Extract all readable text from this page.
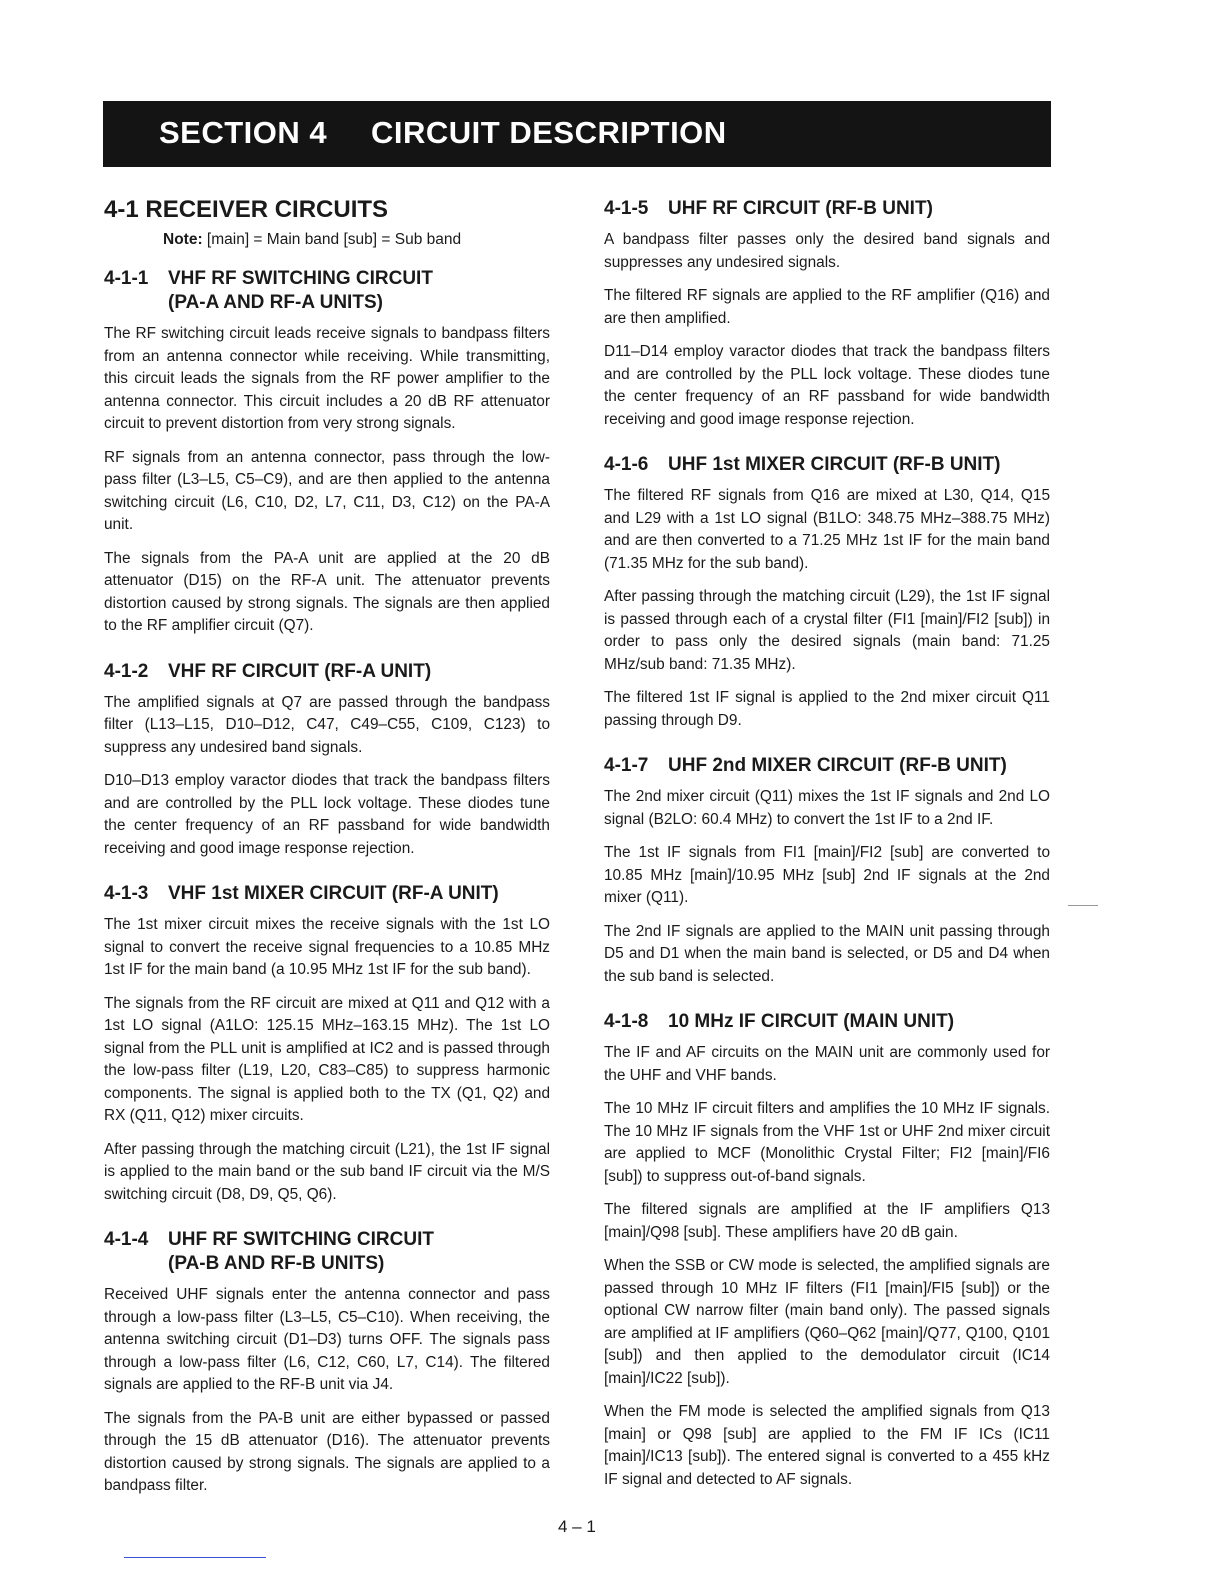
SECTION 4 CIRCUIT DESCRIPTION
4-1 RECEIVER CIRCUITS
Note: [main] = Main band [sub] = Sub band
4-1-1 VHF RF SWITCHING CIRCUIT
(PA-A AND RF-A UNITS)
The RF switching circuit leads receive signals to bandpass filters from an antenna connector while receiving. While transmitting, this circuit leads the signals from the RF power amplifier to the antenna connector. This circuit includes a 20 dB RF attenuator circuit to prevent distortion from very strong signals.
RF signals from an antenna connector, pass through the low-pass filter (L3–L5, C5–C9), and are then applied to the antenna switching circuit (L6, C10, D2, L7, C11, D3, C12) on the PA-A unit.
The signals from the PA-A unit are applied at the 20 dB attenuator (D15) on the RF-A unit. The attenuator prevents distortion caused by strong signals. The signals are then applied to the RF amplifier circuit (Q7).
4-1-2 VHF RF CIRCUIT (RF-A UNIT)
The amplified signals at Q7 are passed through the bandpass filter (L13–L15, D10–D12, C47, C49–C55, C109, C123) to suppress any undesired band signals.
D10–D13 employ varactor diodes that track the bandpass filters and are controlled by the PLL lock voltage. These diodes tune the center frequency of an RF passband for wide bandwidth receiving and good image response rejection.
4-1-3 VHF 1st MIXER CIRCUIT (RF-A UNIT)
The 1st mixer circuit mixes the receive signals with the 1st LO signal to convert the receive signal frequencies to a 10.85 MHz 1st IF for the main band (a 10.95 MHz 1st IF for the sub band).
The signals from the RF circuit are mixed at Q11 and Q12 with a 1st LO signal (A1LO: 125.15 MHz–163.15 MHz). The 1st LO signal from the PLL unit is amplified at IC2 and is passed through the low-pass filter (L19, L20, C83–C85) to suppress harmonic components. The signal is applied both to the TX (Q1, Q2) and RX (Q11, Q12) mixer circuits.
After passing through the matching circuit (L21), the 1st IF signal is applied to the main band or the sub band IF circuit via the M/S switching circuit (D8, D9, Q5, Q6).
4-1-4 UHF RF SWITCHING CIRCUIT
(PA-B AND RF-B UNITS)
Received UHF signals enter the antenna connector and pass through a low-pass filter (L3–L5, C5–C10). When receiving, the antenna switching circuit (D1–D3) turns OFF. The signals pass through a low-pass filter (L6, C12, C60, L7, C14). The filtered signals are applied to the RF-B unit via J4.
The signals from the PA-B unit are either bypassed or passed through the 15 dB attenuator (D16). The attenuator prevents distortion caused by strong signals. The signals are applied to a bandpass filter.
4-1-5 UHF RF CIRCUIT (RF-B UNIT)
A bandpass filter passes only the desired band signals and suppresses any undesired signals.
The filtered RF signals are applied to the RF amplifier (Q16) and are then amplified.
D11–D14 employ varactor diodes that track the bandpass filters and are controlled by the PLL lock voltage. These diodes tune the center frequency of an RF passband for wide bandwidth receiving and good image response rejection.
4-1-6 UHF 1st MIXER CIRCUIT (RF-B UNIT)
The filtered RF signals from Q16 are mixed at L30, Q14, Q15 and L29 with a 1st LO signal (B1LO: 348.75 MHz–388.75 MHz) and are then converted to a 71.25 MHz 1st IF for the main band (71.35 MHz for the sub band).
After passing through the matching circuit (L29), the 1st IF signal is passed through each of a crystal filter (FI1 [main]/FI2 [sub]) in order to pass only the desired signals (main band: 71.25 MHz/sub band: 71.35 MHz).
The filtered 1st IF signal is applied to the 2nd mixer circuit Q11 passing through D9.
4-1-7 UHF 2nd MIXER CIRCUIT (RF-B UNIT)
The 2nd mixer circuit (Q11) mixes the 1st IF signals and 2nd LO signal (B2LO: 60.4 MHz) to convert the 1st IF to a 2nd IF.
The 1st IF signals from FI1 [main]/FI2 [sub] are converted to 10.85 MHz [main]/10.95 MHz [sub] 2nd IF signals at the 2nd mixer (Q11).
The 2nd IF signals are applied to the MAIN unit passing through D5 and D1 when the main band is selected, or D5 and D4 when the sub band is selected.
4-1-8 10 MHz IF CIRCUIT (MAIN UNIT)
The IF and AF circuits on the MAIN unit are commonly used for the UHF and VHF bands.
The 10 MHz IF circuit filters and amplifies the 10 MHz IF signals. The 10 MHz IF signals from the VHF 1st or UHF 2nd mixer circuit are applied to MCF (Monolithic Crystal Filter; FI2 [main]/FI6 [sub]) to suppress out-of-band signals.
The filtered signals are amplified at the IF amplifiers Q13 [main]/Q98 [sub]. These amplifiers have 20 dB gain.
When the SSB or CW mode is selected, the amplified signals are passed through 10 MHz IF filters (FI1 [main]/FI5 [sub]) or the optional CW narrow filter (main band only). The passed signals are amplified at IF amplifiers (Q60–Q62 [main]/Q77, Q100, Q101 [sub]) and then applied to the demodulator circuit (IC14 [main]/IC22 [sub]).
When the FM mode is selected the amplified signals from Q13 [main] or Q98 [sub] are applied to the FM IF ICs (IC11 [main]/IC13 [sub]). The entered signal is converted to a 455 kHz IF signal and detected to AF signals.
4 – 1
